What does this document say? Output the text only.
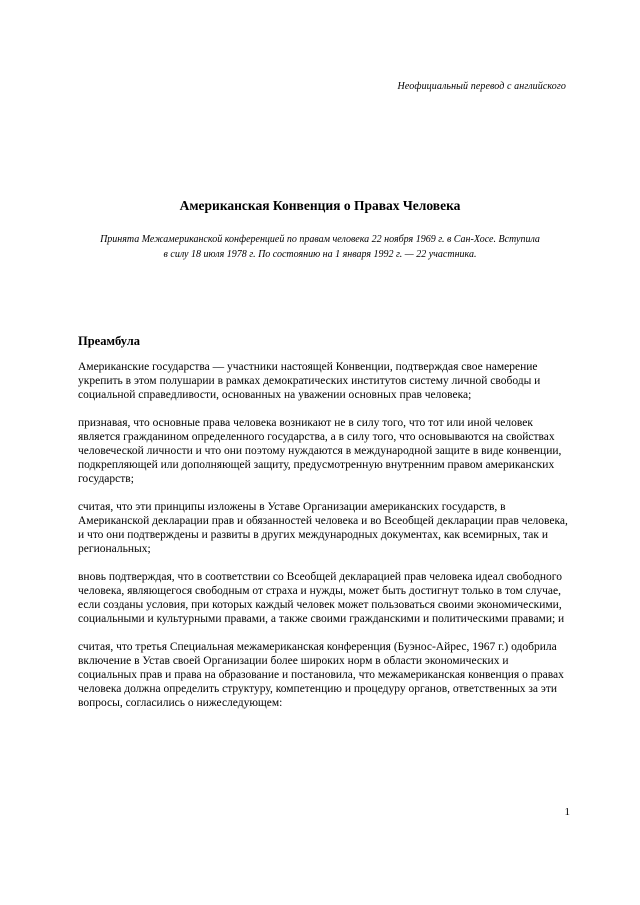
Неофициальный перевод с английского
Американская Конвенция о Правах Человека
Принята Межамериканской конференцией по правам человека 22 ноября 1969 г. в Сан-Хосе. Вступила в силу 18 июля 1978 г. По состоянию на 1 января 1992 г. — 22 участника.
Преамбула

Американские государства — участники настоящей Конвенции, подтверждая свое намерение укрепить в этом полушарии в рамках демократических институтов систему личной свободы и социальной справедливости, основанных на уважении основных прав человека;

признавая, что основные права человека возникают не в силу того, что тот или иной человек является гражданином определенного государства, а в силу того, что основываются на свойствах человеческой личности и что они поэтому нуждаются в международной защите в виде конвенции, подкрепляющей или дополняющей защиту, предусмотренную внутренним правом американских государств;

считая, что эти принципы изложены в Уставе Организации американских государств, в Американской декларации прав и обязанностей человека и во Всеобщей декларации прав человека, и что они подтверждены и развиты в других международных документах, как всемирных, так и региональных;

вновь подтверждая, что в соответствии со Всеобщей декларацией прав человека идеал свободного человека, являющегося свободным от страха и нужды, может быть достигнут только в том случае, если созданы условия, при которых каждый человек может пользоваться своими экономическими, социальными и культурными правами, а также своими гражданскими и политическими правами; и

считая, что третья Специальная межамериканская конференция (Буэнос-Айрес, 1967 г.) одобрила включение в Устав своей Организации более широких норм в области экономических и социальных прав и права на образование и постановила, что межамериканская конвенция о правах человека должна определить структуру, компетенцию и процедуру органов, ответственных за эти вопросы, согласились о нижеследующем:

1
